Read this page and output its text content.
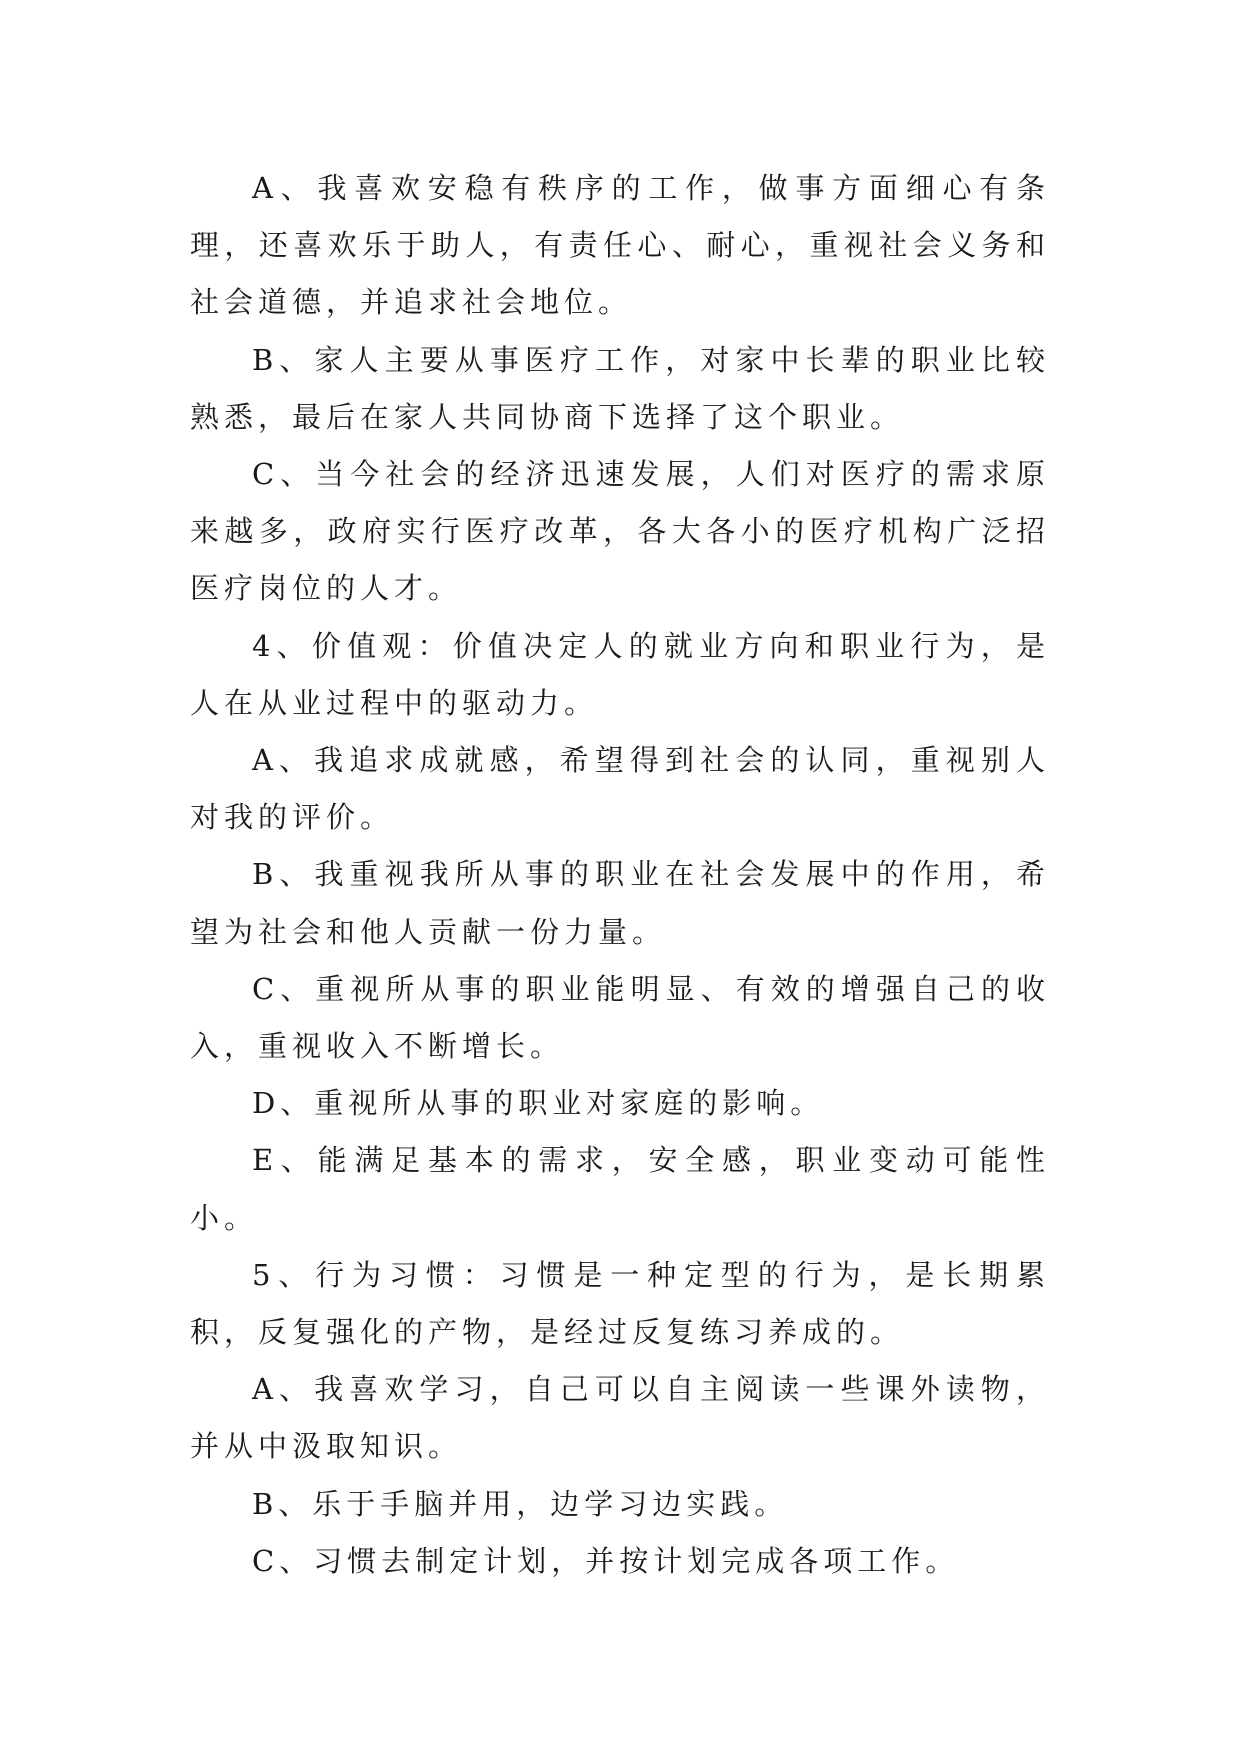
A、我喜欢安稳有秩序的工作，做事方面细心有条理，还喜欢乐于助人，有责任心、耐心，重视社会义务和社会道德，并追求社会地位。

B、家人主要从事医疗工作，对家中长辈的职业比较熟悉，最后在家人共同协商下选择了这个职业。

C、当今社会的经济迅速发展，人们对医疗的需求原来越多，政府实行医疗改革，各大各小的医疗机构广泛招医疗岗位的人才。

4、价值观：价值决定人的就业方向和职业行为，是人在从业过程中的驱动力。

A、我追求成就感，希望得到社会的认同，重视别人对我的评价。

B、我重视我所从事的职业在社会发展中的作用，希望为社会和他人贡献一份力量。

C、重视所从事的职业能明显、有效的增强自己的收入，重视收入不断增长。

D、重视所从事的职业对家庭的影响。

E、能满足基本的需求，安全感，职业变动可能性小。

5、行为习惯：习惯是一种定型的行为，是长期累积，反复强化的产物，是经过反复练习养成的。

A、我喜欢学习，自己可以自主阅读一些课外读物，并从中汲取知识。

B、乐于手脑并用，边学习边实践。

C、习惯去制定计划，并按计划完成各项工作。
